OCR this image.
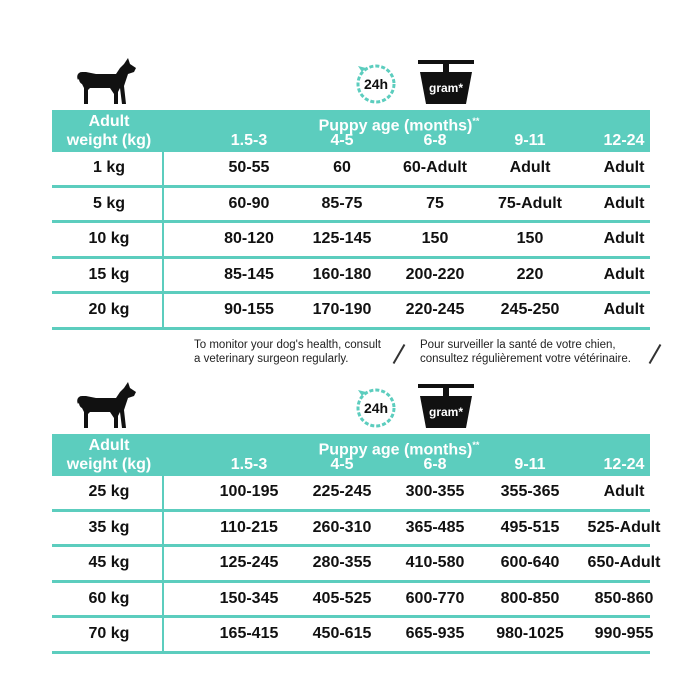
24h	gram*
Adult
weight (kg)
Puppy age (months)**
1.5-3	4-5	6-8	9-11	12-24
1 kg	50-55	60	60-Adult	Adult	Adult
5 kg	60-90	85-75	75	75-Adult	Adult
10 kg	80-120	125-145	150	150	Adult
15 kg	85-145	160-180	200-220	220	Adult
20 kg	90-155	170-190	220-245	245-250	Adult
To monitor your dog's health, consult
a veterinary surgeon regularly.
Pour surveiller la santé de votre chien,
consultez régulièrement votre vétérinaire.
24h	gram*
Adult
weight (kg)
Puppy age (months)**
1.5-3	4-5	6-8	9-11	12-24
25 kg	100-195	225-245	300-355	355-365	Adult
35 kg	110-215	260-310	365-485	495-515	525-Adult
45 kg	125-245	280-355	410-580	600-640	650-Adult
60 kg	150-345	405-525	600-770	800-850	850-860
70 kg	165-415	450-615	665-935	980-1025	990-955
